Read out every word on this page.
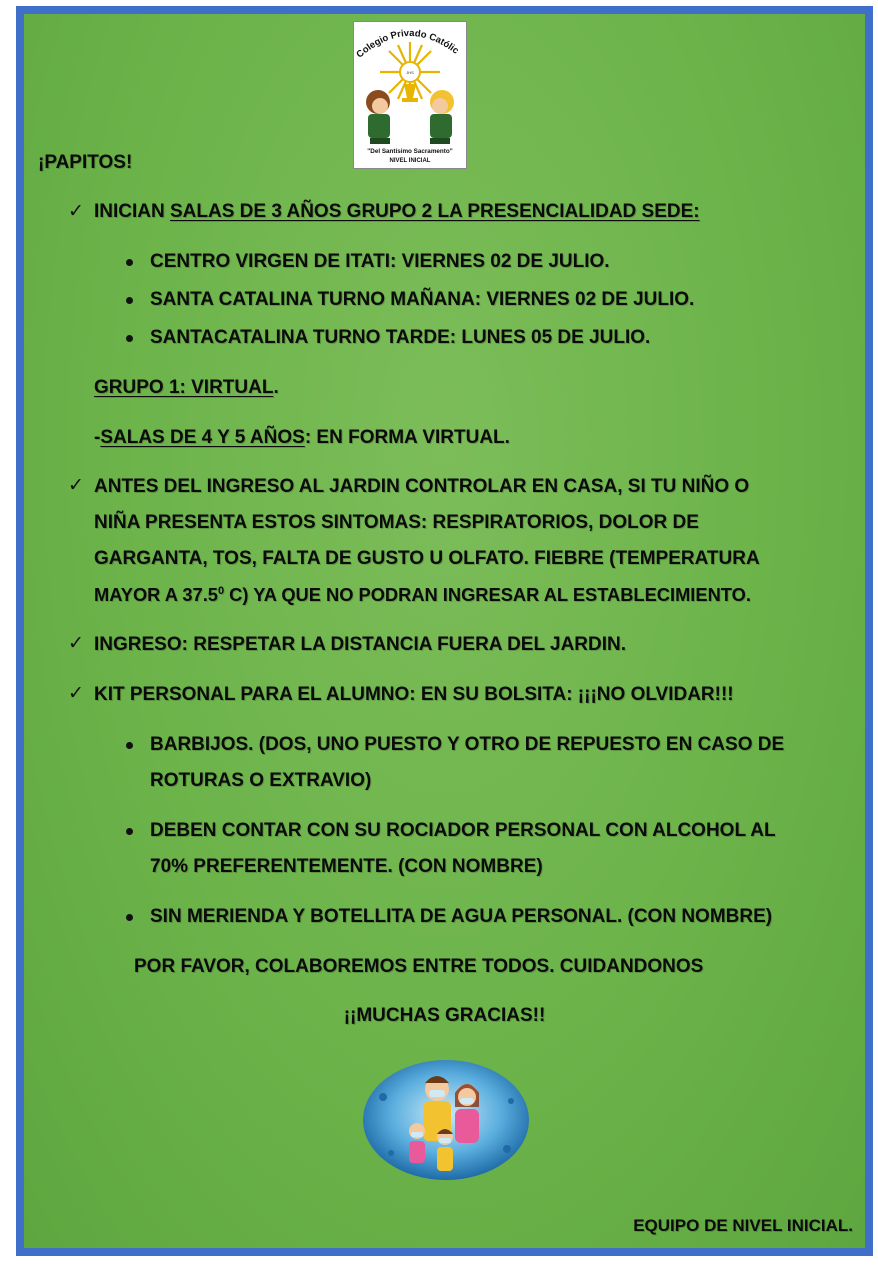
Colegio Privado Católic
JHS
"Del Santísimo Sacramento"
NIVEL INICIAL
¡PAPITOS!
✓ INICIAN SALAS DE 3 AÑOS GRUPO 2 LA PRESENCIALIDAD SEDE:
CENTRO VIRGEN DE ITATI: VIERNES 02 DE JULIO.
SANTA CATALINA TURNO MAÑANA: VIERNES 02 DE JULIO.
SANTACATALINA TURNO TARDE: LUNES 05 DE JULIO.
GRUPO 1: VIRTUAL.
-SALAS DE 4 Y 5 AÑOS: EN FORMA VIRTUAL.
✓ ANTES DEL INGRESO AL JARDIN CONTROLAR EN CASA, SI TU NIÑO O
NIÑA PRESENTA ESTOS SINTOMAS: RESPIRATORIOS, DOLOR DE
GARGANTA, TOS, FALTA DE GUSTO U OLFATO. FIEBRE (TEMPERATURA
MAYOR A 37.5$^0$ C) YA QUE NO PODRAN INGRESAR AL ESTABLECIMIENTO.
✓ INGRESO: RESPETAR LA DISTANCIA FUERA DEL JARDIN.
✓ KIT PERSONAL PARA EL ALUMNO: EN SU BOLSITA: ¡¡¡NO OLVIDAR!!!
BARBIJOS. (DOS, UNO PUESTO Y OTRO DE REPUESTO EN CASO DE
ROTURAS O EXTRAVIO)
DEBEN CONTAR CON SU ROCIADOR PERSONAL CON ALCOHOL AL
70% PREFERENTEMENTE. (CON NOMBRE)
SIN MERIENDA Y BOTELLITA DE AGUA PERSONAL. (CON NOMBRE)
POR FAVOR, COLABOREMOS ENTRE TODOS. CUIDANDONOS
¡¡MUCHAS GRACIAS!!
EQUIPO DE NIVEL INICIAL.
